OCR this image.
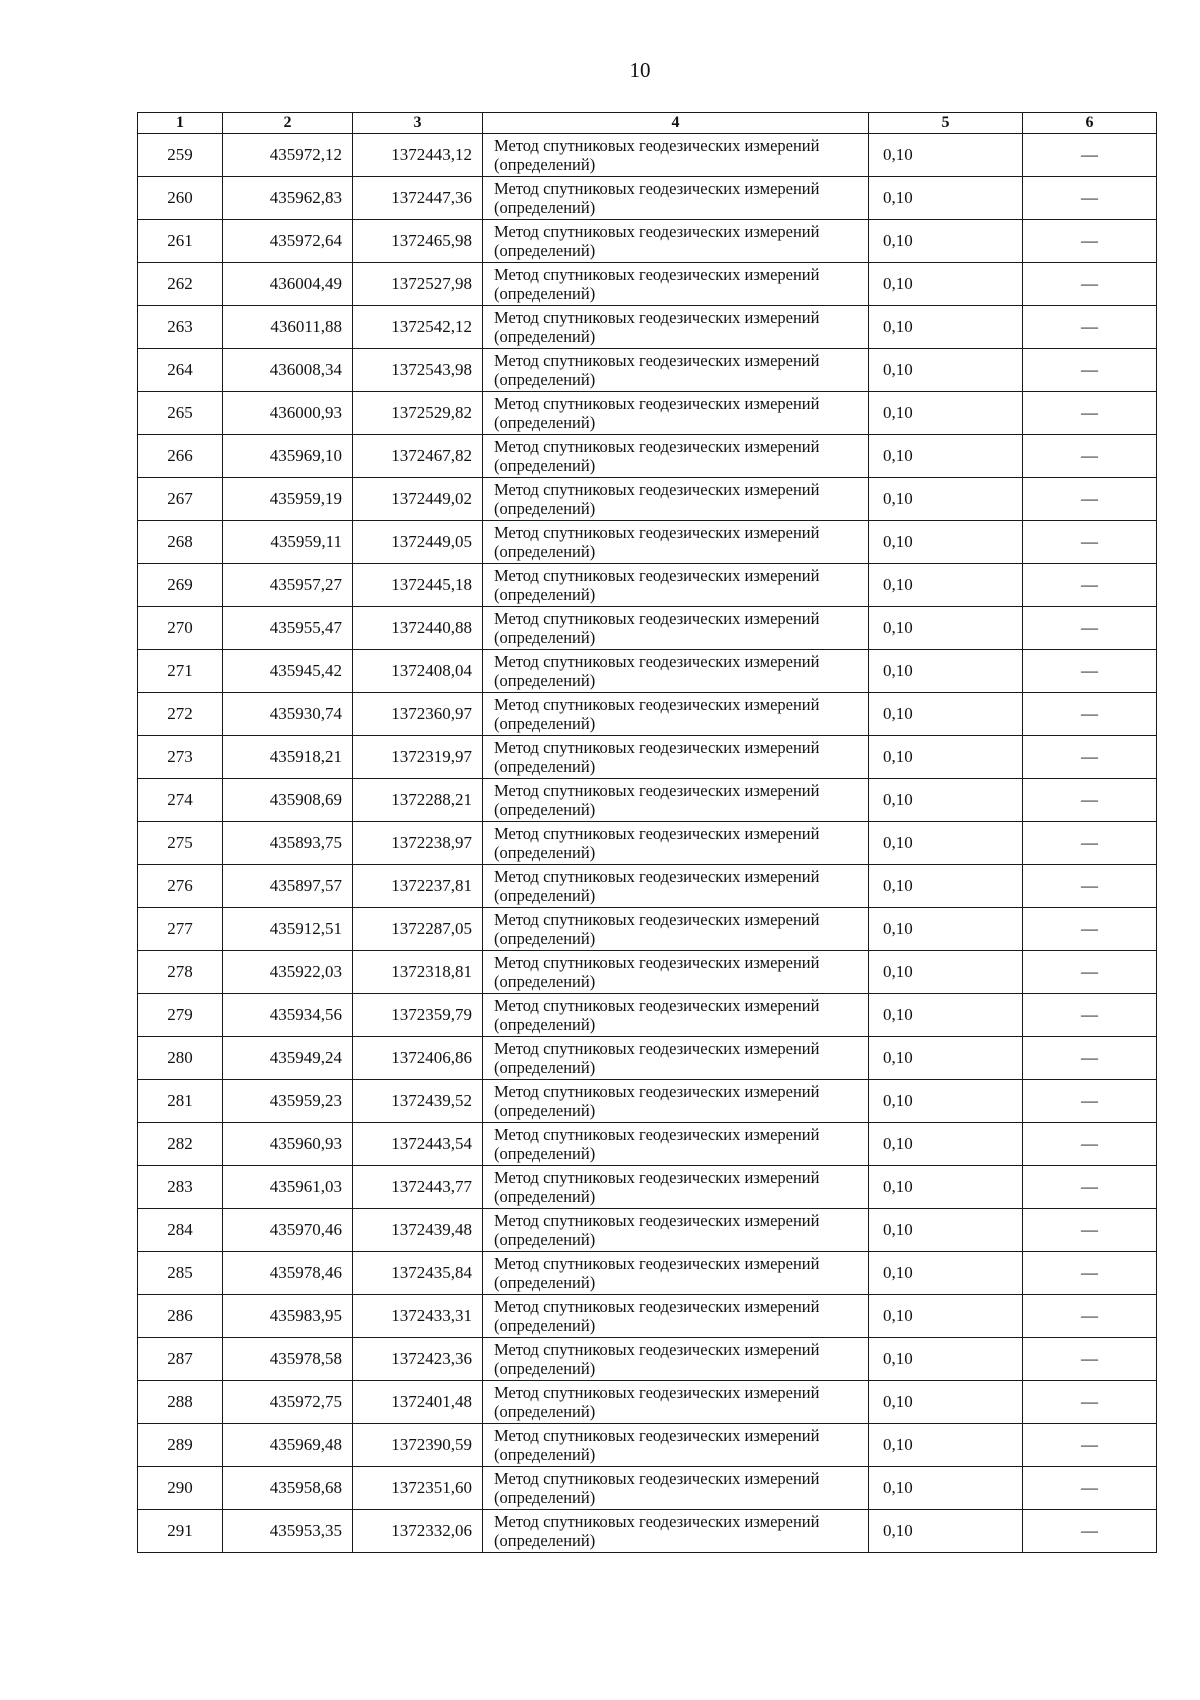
10
1	2	3	4	5	6
259	435972,12	1372443,12	Метод спутниковых геодезических измерений
(определений)	0,10	—
260	435962,83	1372447,36	Метод спутниковых геодезических измерений
(определений)	0,10	—
261	435972,64	1372465,98	Метод спутниковых геодезических измерений
(определений)	0,10	—
262	436004,49	1372527,98	Метод спутниковых геодезических измерений
(определений)	0,10	—
263	436011,88	1372542,12	Метод спутниковых геодезических измерений
(определений)	0,10	—
264	436008,34	1372543,98	Метод спутниковых геодезических измерений
(определений)	0,10	—
265	436000,93	1372529,82	Метод спутниковых геодезических измерений
(определений)	0,10	—
266	435969,10	1372467,82	Метод спутниковых геодезических измерений
(определений)	0,10	—
267	435959,19	1372449,02	Метод спутниковых геодезических измерений
(определений)	0,10	—
268	435959,11	1372449,05	Метод спутниковых геодезических измерений
(определений)	0,10	—
269	435957,27	1372445,18	Метод спутниковых геодезических измерений
(определений)	0,10	—
270	435955,47	1372440,88	Метод спутниковых геодезических измерений
(определений)	0,10	—
271	435945,42	1372408,04	Метод спутниковых геодезических измерений
(определений)	0,10	—
272	435930,74	1372360,97	Метод спутниковых геодезических измерений
(определений)	0,10	—
273	435918,21	1372319,97	Метод спутниковых геодезических измерений
(определений)	0,10	—
274	435908,69	1372288,21	Метод спутниковых геодезических измерений
(определений)	0,10	—
275	435893,75	1372238,97	Метод спутниковых геодезических измерений
(определений)	0,10	—
276	435897,57	1372237,81	Метод спутниковых геодезических измерений
(определений)	0,10	—
277	435912,51	1372287,05	Метод спутниковых геодезических измерений
(определений)	0,10	—
278	435922,03	1372318,81	Метод спутниковых геодезических измерений
(определений)	0,10	—
279	435934,56	1372359,79	Метод спутниковых геодезических измерений
(определений)	0,10	—
280	435949,24	1372406,86	Метод спутниковых геодезических измерений
(определений)	0,10	—
281	435959,23	1372439,52	Метод спутниковых геодезических измерений
(определений)	0,10	—
282	435960,93	1372443,54	Метод спутниковых геодезических измерений
(определений)	0,10	—
283	435961,03	1372443,77	Метод спутниковых геодезических измерений
(определений)	0,10	—
284	435970,46	1372439,48	Метод спутниковых геодезических измерений
(определений)	0,10	—
285	435978,46	1372435,84	Метод спутниковых геодезических измерений
(определений)	0,10	—
286	435983,95	1372433,31	Метод спутниковых геодезических измерений
(определений)	0,10	—
287	435978,58	1372423,36	Метод спутниковых геодезических измерений
(определений)	0,10	—
288	435972,75	1372401,48	Метод спутниковых геодезических измерений
(определений)	0,10	—
289	435969,48	1372390,59	Метод спутниковых геодезических измерений
(определений)	0,10	—
290	435958,68	1372351,60	Метод спутниковых геодезических измерений
(определений)	0,10	—
291	435953,35	1372332,06	Метод спутниковых геодезических измерений
(определений)	0,10	—
